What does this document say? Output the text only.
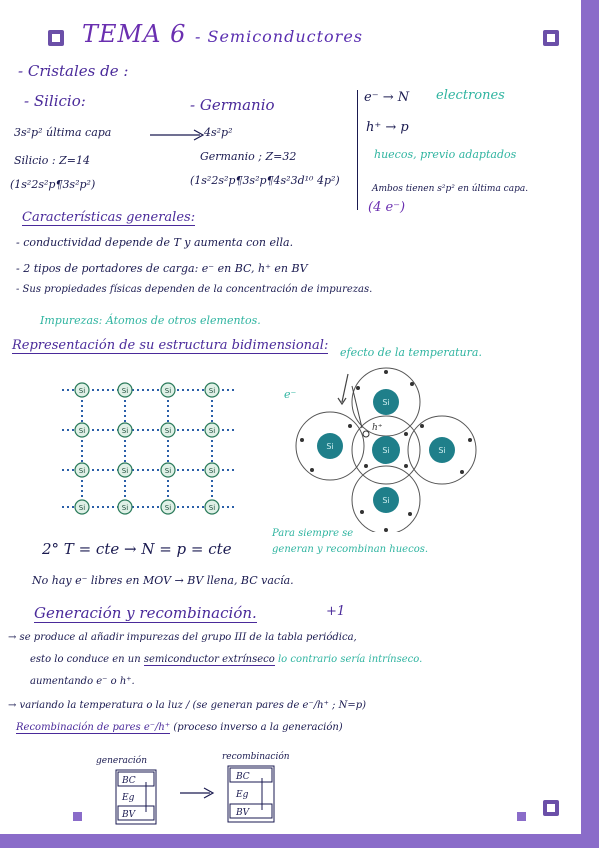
TEMA 6 - Semiconductores
- Cristales de :
- Silicio:
3s²p² última capa
Silicio : Z=14
(1s²2s²p¶3s²p²)
- Germanio
4s²p²
Germanio ; Z=32
(1s²2s²p¶3s²p¶4s²3d¹⁰ 4p²)
e⁻ → N electrones
h⁺ → p
huecos, previo adaptados
Ambos tienen s²p² en última capa.
(4 e⁻)
Características generales:
- conductividad depende de T y aumenta con ella.
- 2 tipos de portadores de carga: e⁻ en BC, h⁺ en BV
- Sus propiedades físicas dependen de la concentración de impurezas.
Impurezas: Átomos de otros elementos.
Representación de su estructura bidimensional: efecto de la temperatura.
Si	Si	Si	Si
Si	Si	Si	Si
Si	Si	Si	Si
Si	Si	Si	Si
e⁻
h⁺
Si
Si	Si	Si
Si
Para siempre se
generan y recombinan huecos.
2° T = cte → N = p = cte
No hay e⁻ libres en MOV → BV llena, BC vacía.
Generación y recombinación.	+1
→ se produce al añadir impurezas del grupo III de la tabla periódica,
esto lo conduce en un semiconductor extrínseco lo contrario sería intrínseco.
aumentando e⁻ o h⁺.
→ variando la temperatura o la luz / (se generan pares de e⁻/h⁺ ; N=p)
Recombinación de pares e⁻/h⁺ (proceso inverso a la generación)
generación	recombinación
BC
Eg
BV
BC
Eg
BV
